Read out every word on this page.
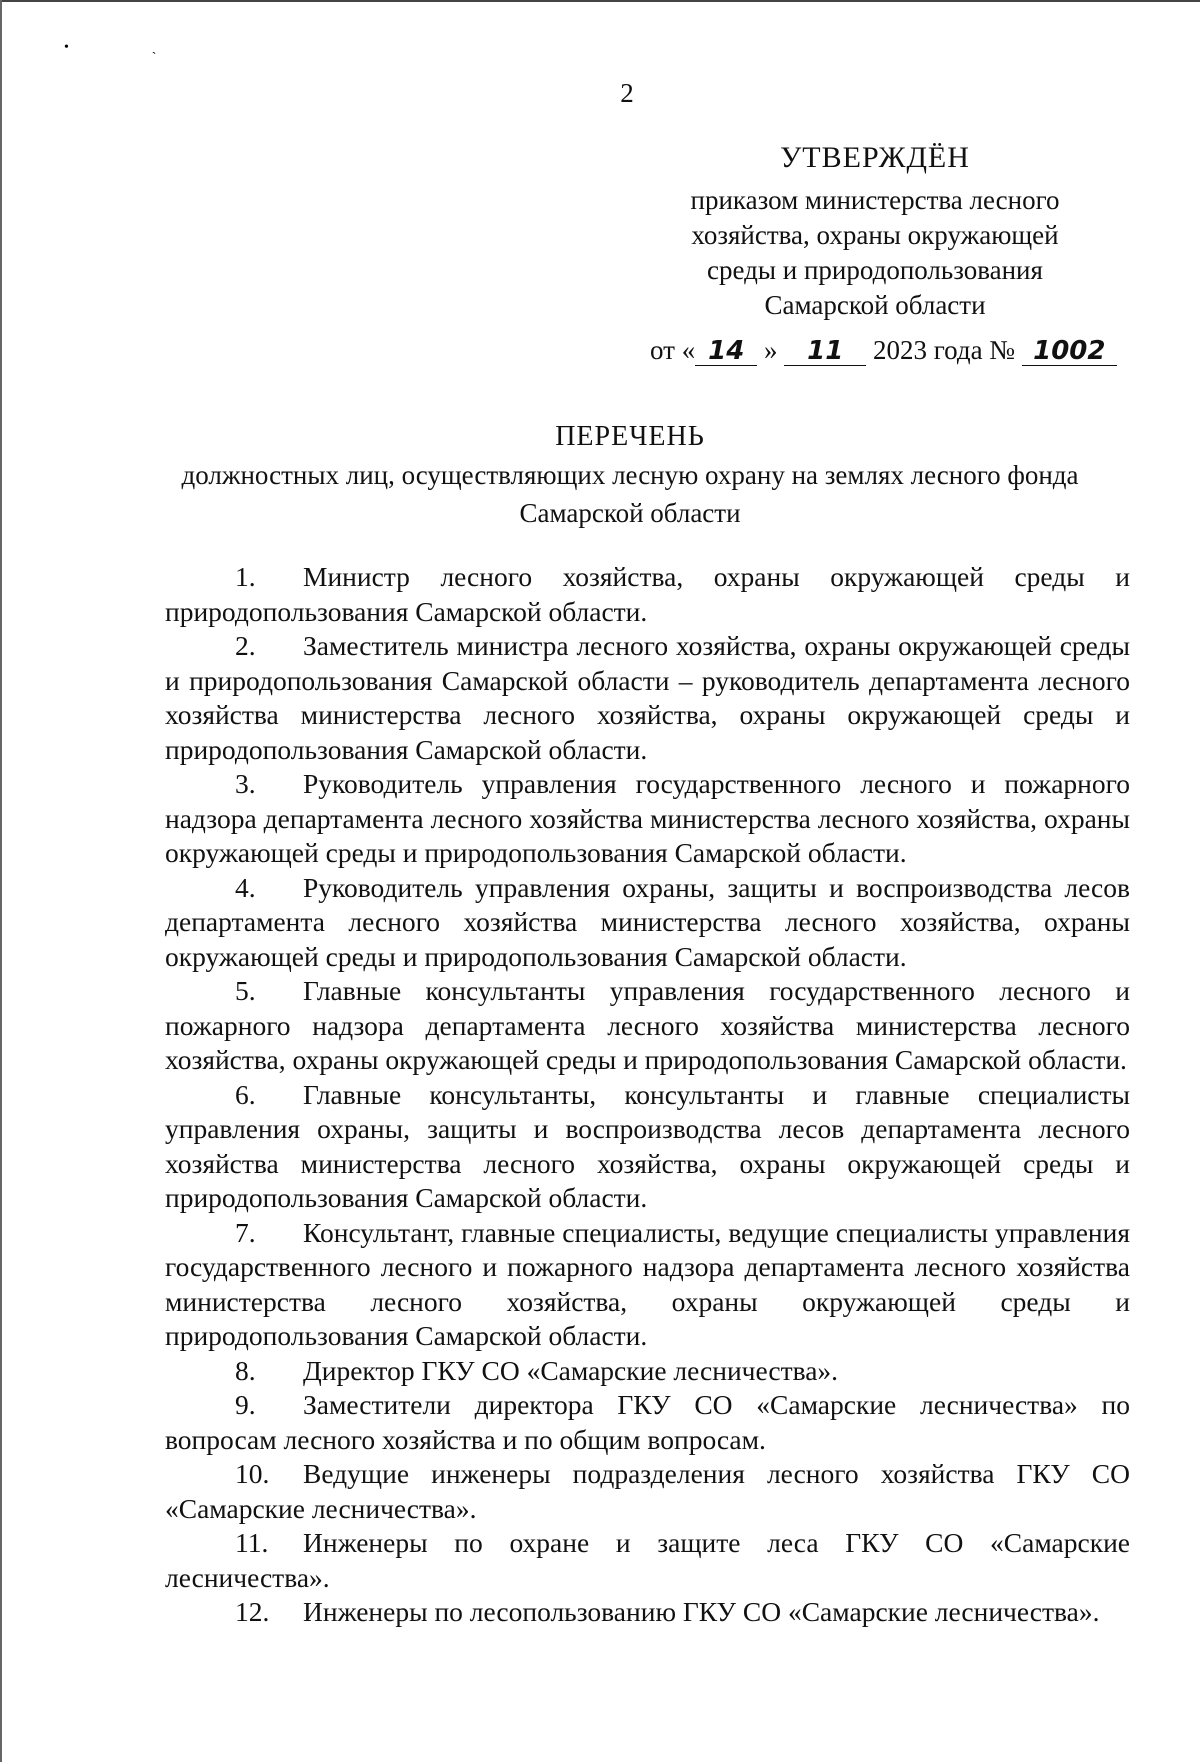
• ˎ
2
УТВЕРЖДЁН
приказом министерства лесного
хозяйства, охраны окружающей
среды и природопользования
Самарской области
от « 14 » 11 2023 года № 1002
ПЕРЕЧЕНЬ
должностных лиц, осуществляющих лесную охрану на землях лесного фонда
Самарской области

1. Министр лесного хозяйства, охраны окружающей среды и природопользования Самарской области.

2. Заместитель министра лесного хозяйства, охраны окружающей среды и природопользования Самарской области – руководитель департамента лесного хозяйства министерства лесного хозяйства, охраны окружающей среды и природопользования Самарской области.

3. Руководитель управления государственного лесного и пожарного надзора департамента лесного хозяйства министерства лесного хозяйства, охраны окружающей среды и природопользования Самарской области.

4. Руководитель управления охраны, защиты и воспроизводства лесов департамента лесного хозяйства министерства лесного хозяйства, охраны окружающей среды и природопользования Самарской области.

5. Главные консультанты управления государственного лесного и пожарного надзора департамента лесного хозяйства министерства лесного хозяйства, охраны окружающей среды и природопользования Самарской области.

6. Главные консультанты, консультанты и главные специалисты управления охраны, защиты и воспроизводства лесов департамента лесного хозяйства министерства лесного хозяйства, охраны окружающей среды и природопользования Самарской области.

7. Консультант, главные специалисты, ведущие специалисты управления государственного лесного и пожарного надзора департамента лесного хозяйства министерства лесного хозяйства, охраны окружающей среды и природопользования Самарской области.

8. Директор ГКУ СО «Самарские лесничества».

9. Заместители директора ГКУ СО «Самарские лесничества» по вопросам лесного хозяйства и по общим вопросам.

10. Ведущие инженеры подразделения лесного хозяйства ГКУ СО «Самарские лесничества».

11. Инженеры по охране и защите леса ГКУ СО «Самарские лесничества».

12. Инженеры по лесопользованию ГКУ СО «Самарские лесничества».
